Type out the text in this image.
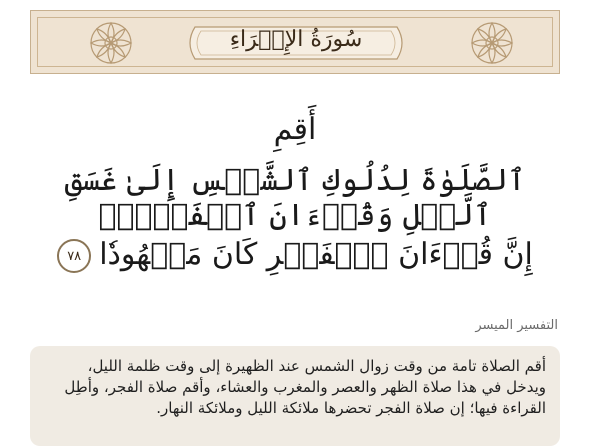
سُورَةُ الإِسۡرَاءِ
أَقِمِ
ٱلصَّلَوٰةَ لِدُلُوكِ ٱلشَّمۡسِ إِلَىٰ غَسَقِ ٱلَّيۡلِ وَقُرۡءَانَ ٱلۡفَجۡرِۖ
إِنَّ قُرۡءَانَ ٱلۡفَجۡرِ كَانَ مَشۡهُودٗا٧٨
التفسير الميسر
أقم الصلاة تامة من وقت زوال الشمس عند الظهيرة إلى وقت ظلمة الليل، ويدخل في هذا صلاة الظهر والعصر والمغرب والعشاء، وأقم صلاة الفجر، وأطِل القراءة فيها؛ إن صلاة الفجر تحضرها ملائكة الليل وملائكة النهار.
